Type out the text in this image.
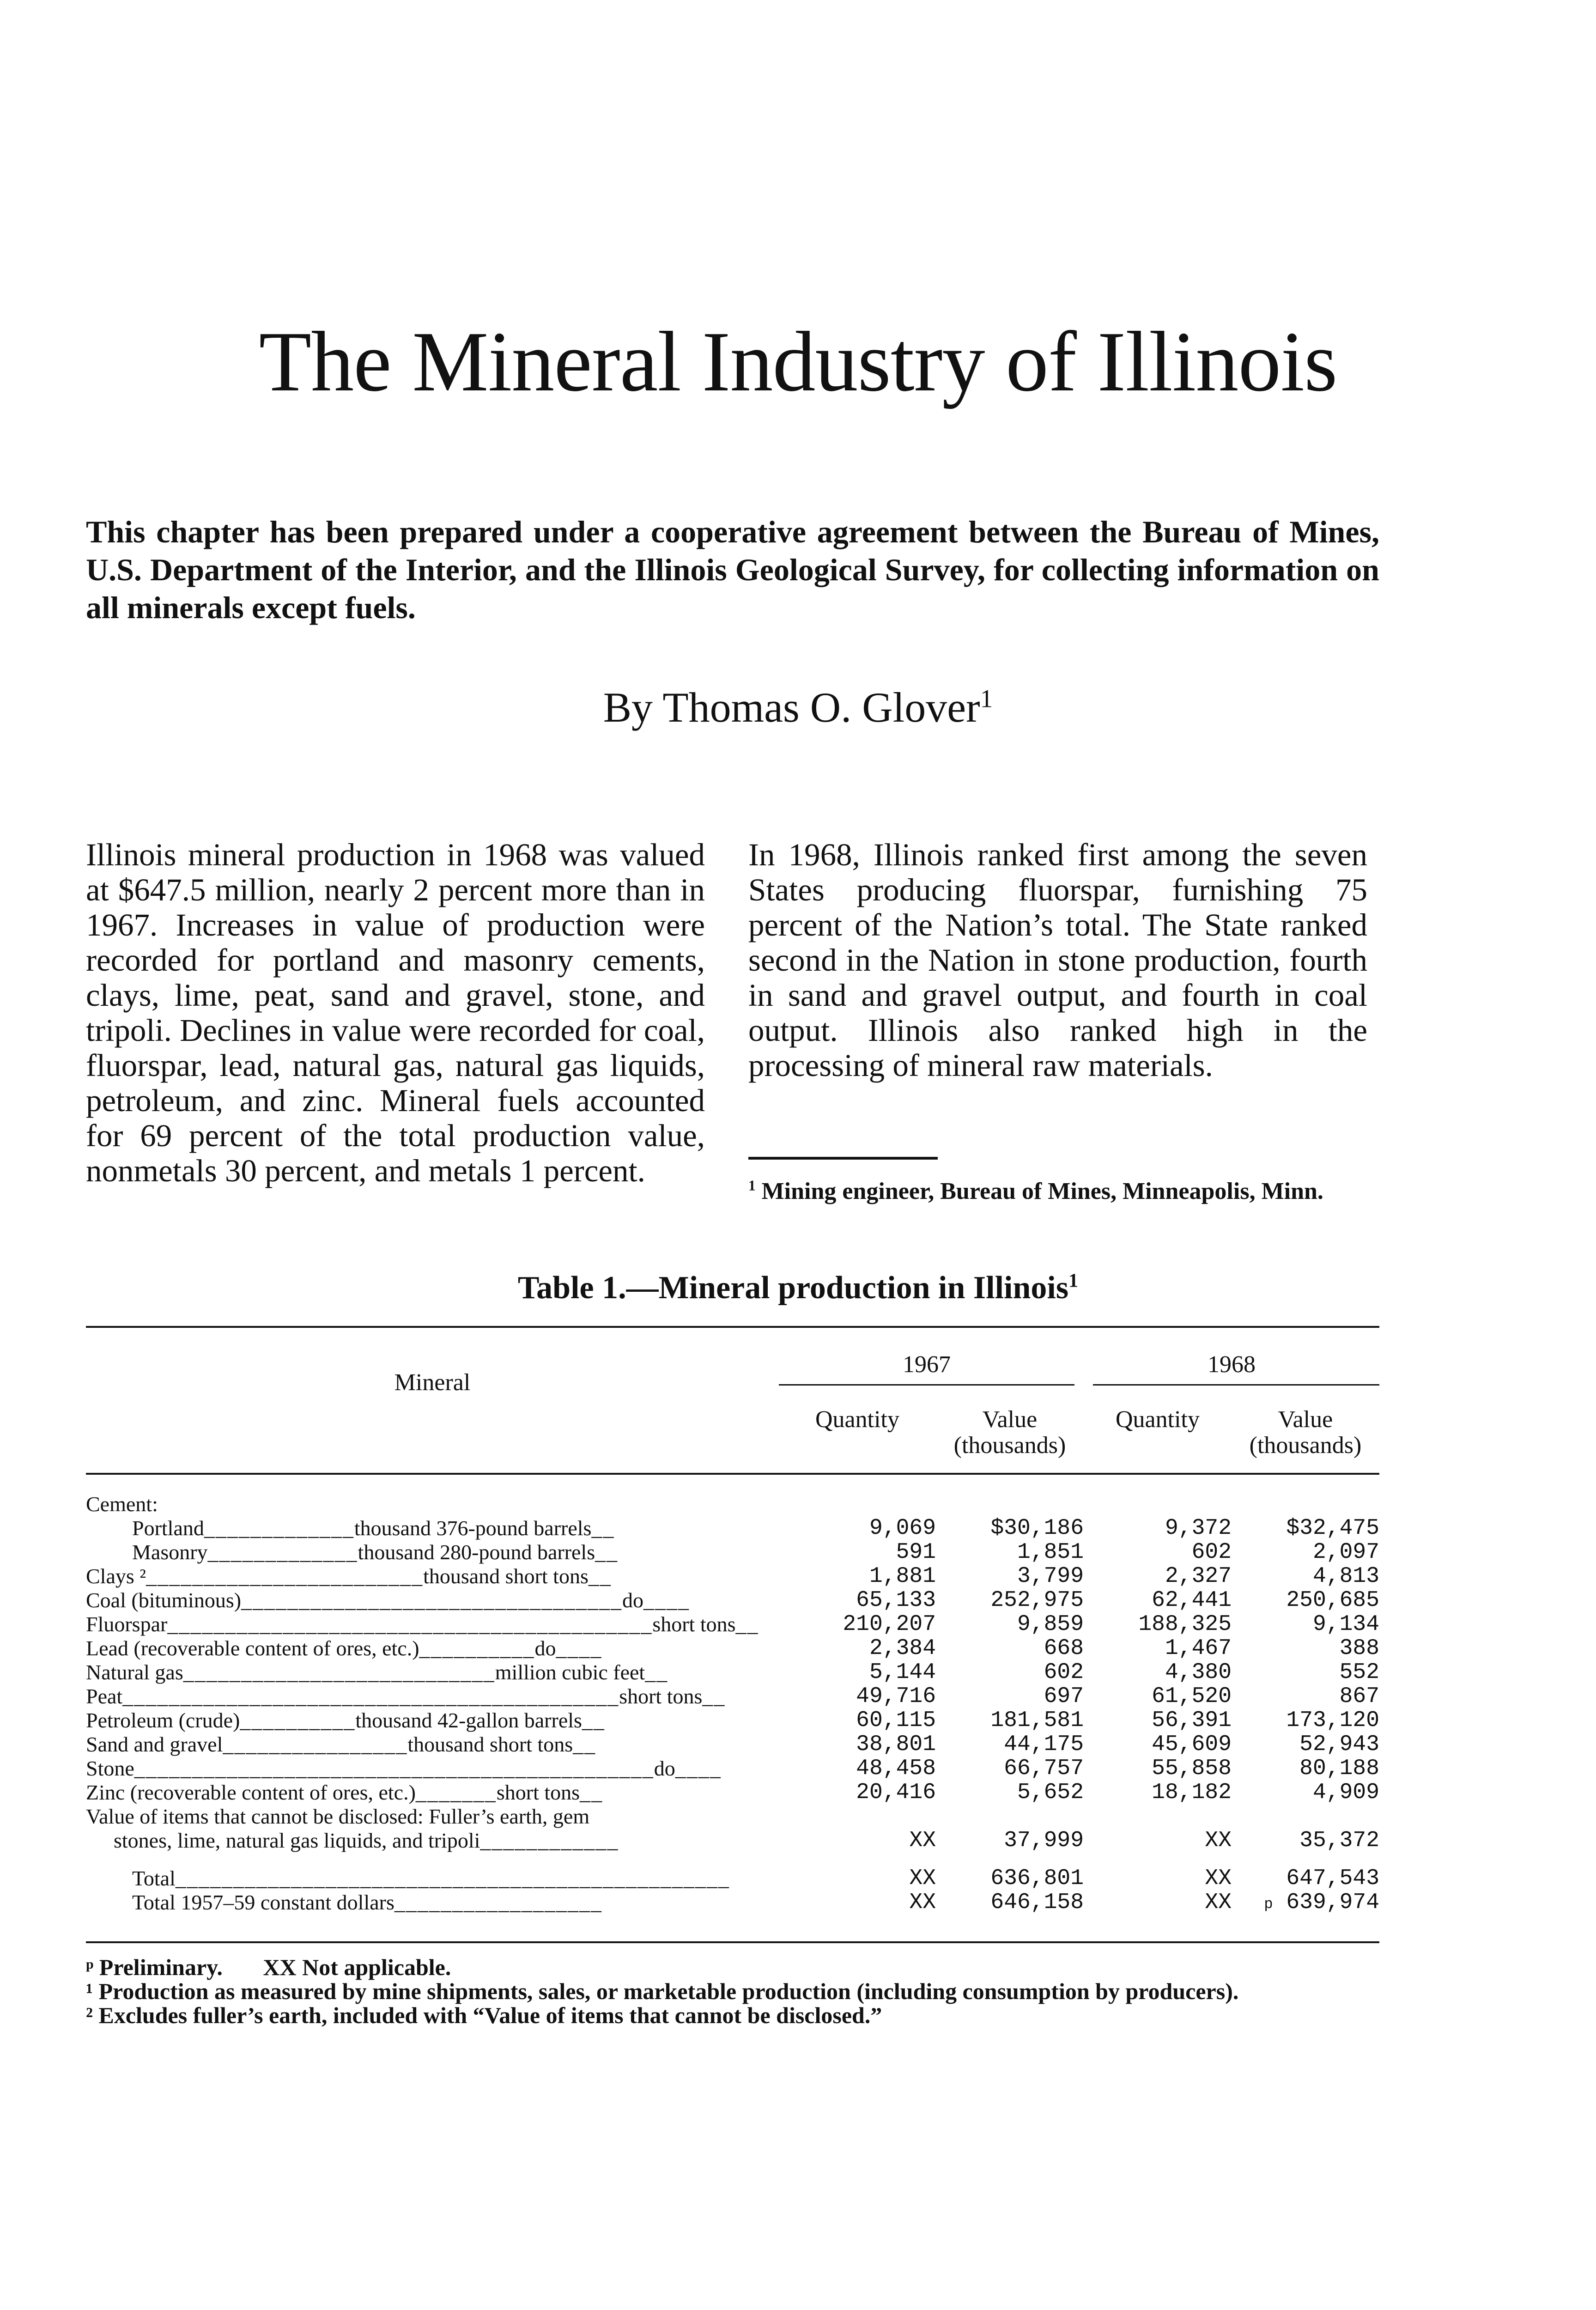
The Mineral Industry of Illinois
This chapter has been prepared under a cooperative agreement between the Bureau of Mines, U.S. Department of the Interior, and the Illinois Geological Survey, for collecting information on all minerals except fuels.
By Thomas O. Glover$^1$
Illinois mineral production in 1968 was valued at $647.5 million, nearly 2 percent more than in 1967. Increases in value of production were recorded for portland and masonry cements, clays, lime, peat, sand and gravel, stone, and tripoli. Declines in value were recorded for coal, fluorspar, lead, natural gas, natural gas liquids, petroleum, and zinc. Mineral fuels accounted for 69 percent of the total production value, nonmetals 30 percent, and metals 1 percent.
In 1968, Illinois ranked first among the seven States producing fluorspar, furnishing 75 percent of the Nation’s total. The State ranked second in the Nation in stone production, fourth in sand and gravel output, and fourth in coal output. Illinois also ranked high in the processing of mineral raw materials.
$^1$ Mining engineer, Bureau of Mines, Minneapolis, Minn.
Table 1.—Mineral production in Illinois$^1$
Mineral
1967	1968
Quantity	Value
(thousands)
Quantity	Value
(thousands)
Cement:
Portland_____________thousand 376-pound barrels__	9,069	$30,186	9,372	$32,475
Masonry_____________thousand 280-pound barrels__	591	1,851	602	2,097
Clays ²________________________thousand short tons__	1,881	3,799	2,327	4,813
Coal (bituminous)_________________________________do____	65,133	252,975	62,441	250,685
Fluorspar__________________________________________short tons__	210,207	9,859	188,325	9,134
Lead (recoverable content of ores, etc.)__________do____	2,384	668	1,467	388
Natural gas___________________________million cubic feet__	5,144	602	4,380	552
Peat___________________________________________short tons__	49,716	697	61,520	867
Petroleum (crude)__________thousand 42-gallon barrels__	60,115	181,581	56,391	173,120
Sand and gravel________________thousand short tons__	38,801	44,175	45,609	52,943
Stone_____________________________________________do____	48,458	66,757	55,858	80,188
Zinc (recoverable content of ores, etc.)_______short tons__	20,416	5,652	18,182	4,909
Value of items that cannot be disclosed: Fuller’s earth, gem
stones, lime, natural gas liquids, and tripoli____________	XX	37,999	XX	35,372
Total________________________________________________	XX	636,801	XX	647,543
Total 1957–59 constant dollars__________________	XX	646,158	XX	p 639,974
ᵖ Preliminary. XX Not applicable.
¹ Production as measured by mine shipments, sales, or marketable production (including consumption by producers).
² Excludes fuller’s earth, included with “Value of items that cannot be disclosed.”
